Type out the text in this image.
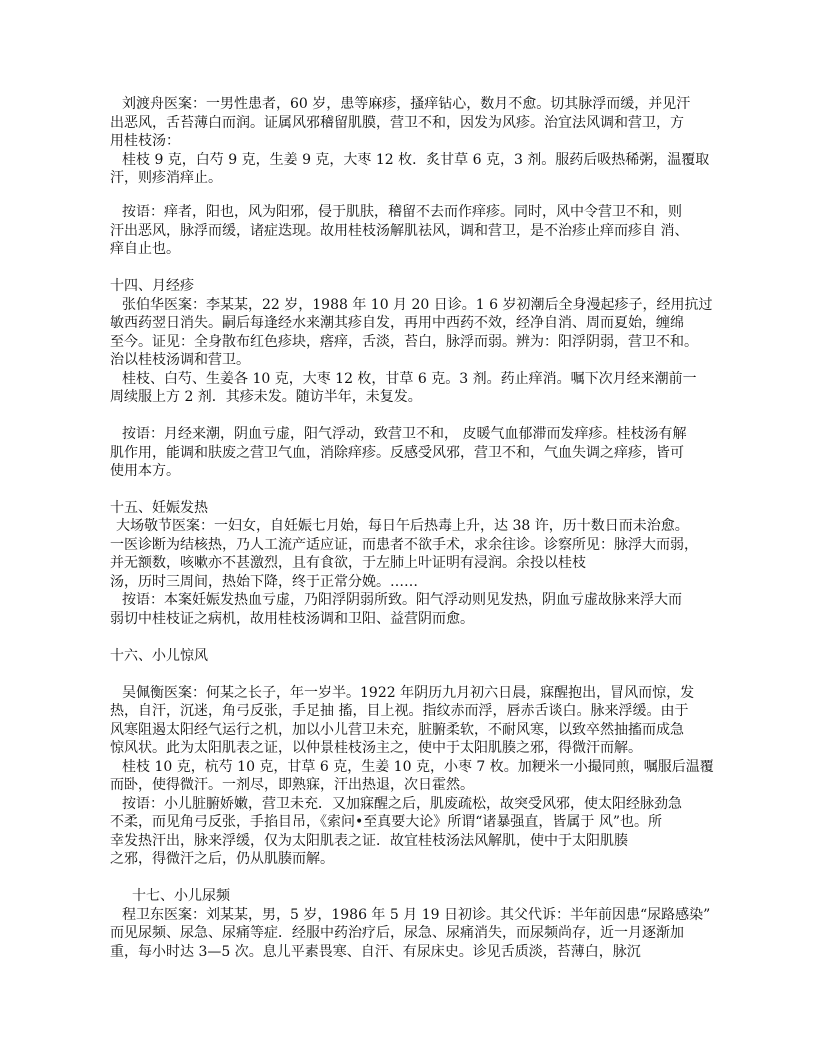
刘渡舟医案：一男性患者，60 岁，患等麻疹，搔痒钻心，数月不愈。切其脉浮而缓，并见汗
出恶风，舌苔薄白而润。证属风邪稽留肌膜，营卫不和，因发为风疹。治宜法风调和营卫，方
用桂枝汤：
桂枝 9 克，白芍 9 克，生姜 9 克，大枣 12 枚．炙甘草 6 克，3 剂。服药后吸热稀粥，温覆取
汗，则疹消痒止。
按语：痒者，阳也，风为阳邪，侵于肌肤，稽留不去而作痒疹。同时，风中令营卫不和，则
汗出恶风，脉浮而缓，诸症迭现。故用桂枝汤解肌祛风，调和营卫，是不治疹止痒而疹自 消、
痒自止也。
十四、月经疹
张伯华医案：李某某，22 岁，1988 年 10 月 20 日诊。1 6 岁初潮后全身漫起疹子，经用抗过
敏西药翌日消失。嗣后每逢经水来潮其疹自发，再用中西药不效，经净自消、周而夏始，缠绵
至今。证见：全身散布红色疹块，瘩痒，舌淡，苔白，脉浮而弱。辨为：阳浮阴弱，营卫不和。
治以桂枝汤调和营卫。
桂枝、白芍、生姜各 10 克，大枣 12 枚，甘草 6 克。3 剂。药止痒消。嘱下次月经来潮前一
周续服上方 2 剂．其疹未发。随访半年，未复发。
按语：月经来潮，阴血亏虚，阳气浮动，致营卫不和， 皮暖气血郁滞而发痒疹。桂枝汤有解
肌作用，能调和肤废之营卫气血，消除痒疹。反感受风邪，营卫不和，气血失调之痒疹，皆可
使用本方。
十五、妊娠发热
大场敬节医案：一妇女，自妊娠七月始，每日午后热毒上升，达 38 许，历十数日而未治愈。
一医诊断为结核热，乃人工流产适应证，而患者不欲手术，求余往诊。诊察所见：脉浮大而弱，
并无额数，咳嗽亦不甚激烈，且有食欲，于左肺上叶证明有浸润。余投以桂枝
汤，历时三周间，热始下降，终于正常分娩。……
按语：本案妊娠发热血亏虚，乃阳浮阴弱所致。阳气浮动则见发热，阴血亏虚故脉来浮大而
弱切中桂枝证之病机，故用桂枝汤调和卫阳、益营阴而愈。
十六、小儿惊风
吴佩衡医案：何某之长子，年一岁半。1922 年阴历九月初六日晨，寐醒抱出，冒风而惊，发
热，自汗，沉迷，角弓反张，手足抽 搐，目上视。指纹赤而浮，唇赤舌谈白。脉来浮缓。由于
风寒阻遏太阳经气运行之机，加以小儿营卫未充，脏腑柔软，不耐风寒，以致卒然抽搐而成急
惊风状。此为太阳肌表之证，以仲景桂枝汤主之，使中于太阳肌腠之邪，得微汗而解。
桂枝 10 克，杭芍 10 克，甘草 6 克，生姜 10 克，小枣 7 枚。加粳米一小撮同煎，嘱服后温覆
而卧，使得微汗。一剂尽，即熟寐，汗出热退，次日霍然。
按语：小儿脏腑娇嫩，营卫未充．又加寐醒之后，肌废疏松，故突受风邪，使太阳经脉劲急
不柔，而见角弓反张，手掐目吊，《索问•至真要大论》所谓“诸暴强直，皆属于 风”也。所
幸发热汗出，脉来浮缓，仅为太阳肌表之证．故宜桂枝汤法风解肌，使中于太阳肌腠
之邪，得微汗之后，仍从肌腠而解。
十七、小儿尿频
程卫东医案：刘某某，男，5 岁，1986 年 5 月 19 日初诊。其父代诉：半年前因患“尿路感染”
而见尿频、尿急、尿痛等症．经服中药治疗后，尿急、尿痛消失，而尿频尚存，近一月逐渐加
重，每小时达 3—5 次。息儿平素畏寒、自汗、有尿床史。诊见舌质淡，苔薄白，脉沉
